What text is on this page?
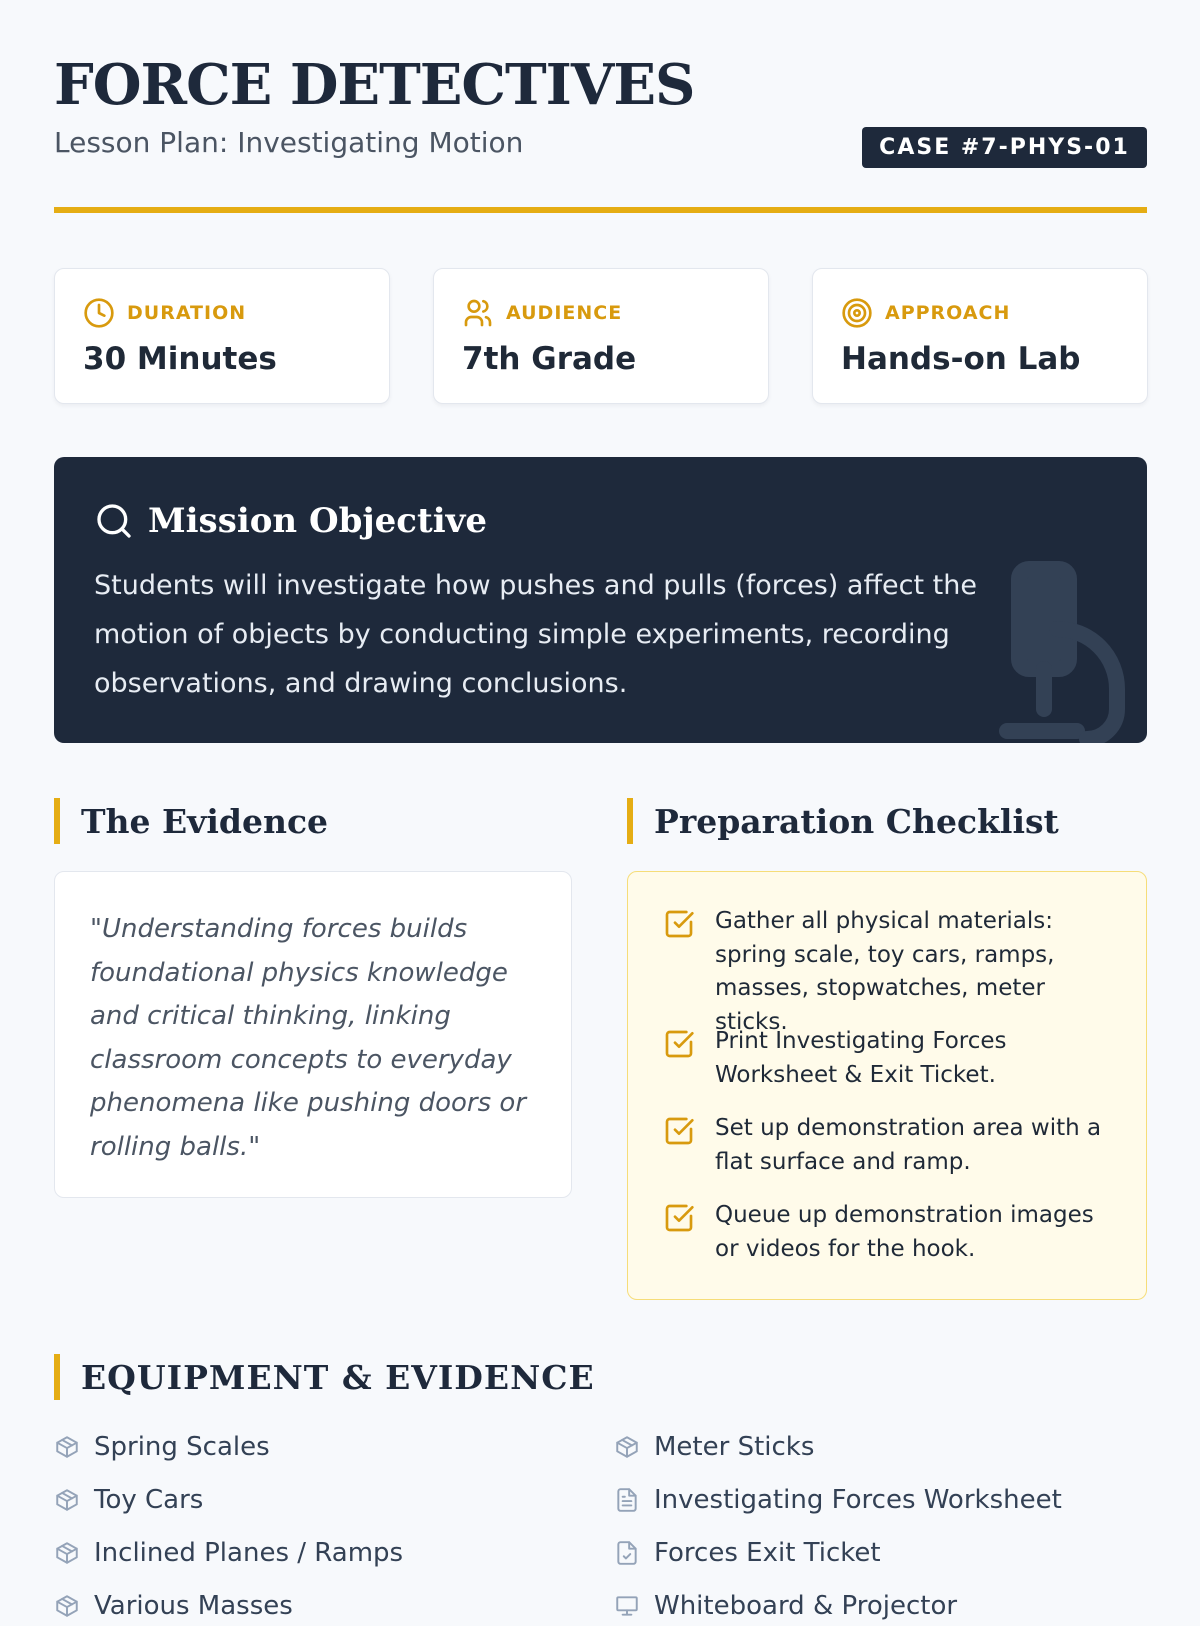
FORCE DETECTIVES
Lesson Plan: Investigating Motion	CASE #7-PHYS-01
DURATION
30 Minutes
AUDIENCE
7th Grade
APPROACH
Hands-on Lab
Mission Objective
Students will investigate how pushes and pulls (forces) affect the motion of objects by conducting simple experiments, recording observations, and drawing conclusions.
The Evidence
"Understanding forces builds foundational physics knowledge and critical thinking, linking classroom concepts to everyday phenomena like pushing doors or rolling balls."
Preparation Checklist
Gather all physical materials: spring scale, toy cars, ramps, masses, stopwatches, meter sticks.
Print Investigating Forces Worksheet & Exit Ticket.
Set up demonstration area with a flat surface and ramp.
Queue up demonstration images or videos for the hook.
EQUIPMENT & EVIDENCE
Spring Scales
Toy Cars
Inclined Planes / Ramps
Various Masses
Meter Sticks
Investigating Forces Worksheet
Forces Exit Ticket
Whiteboard & Projector
